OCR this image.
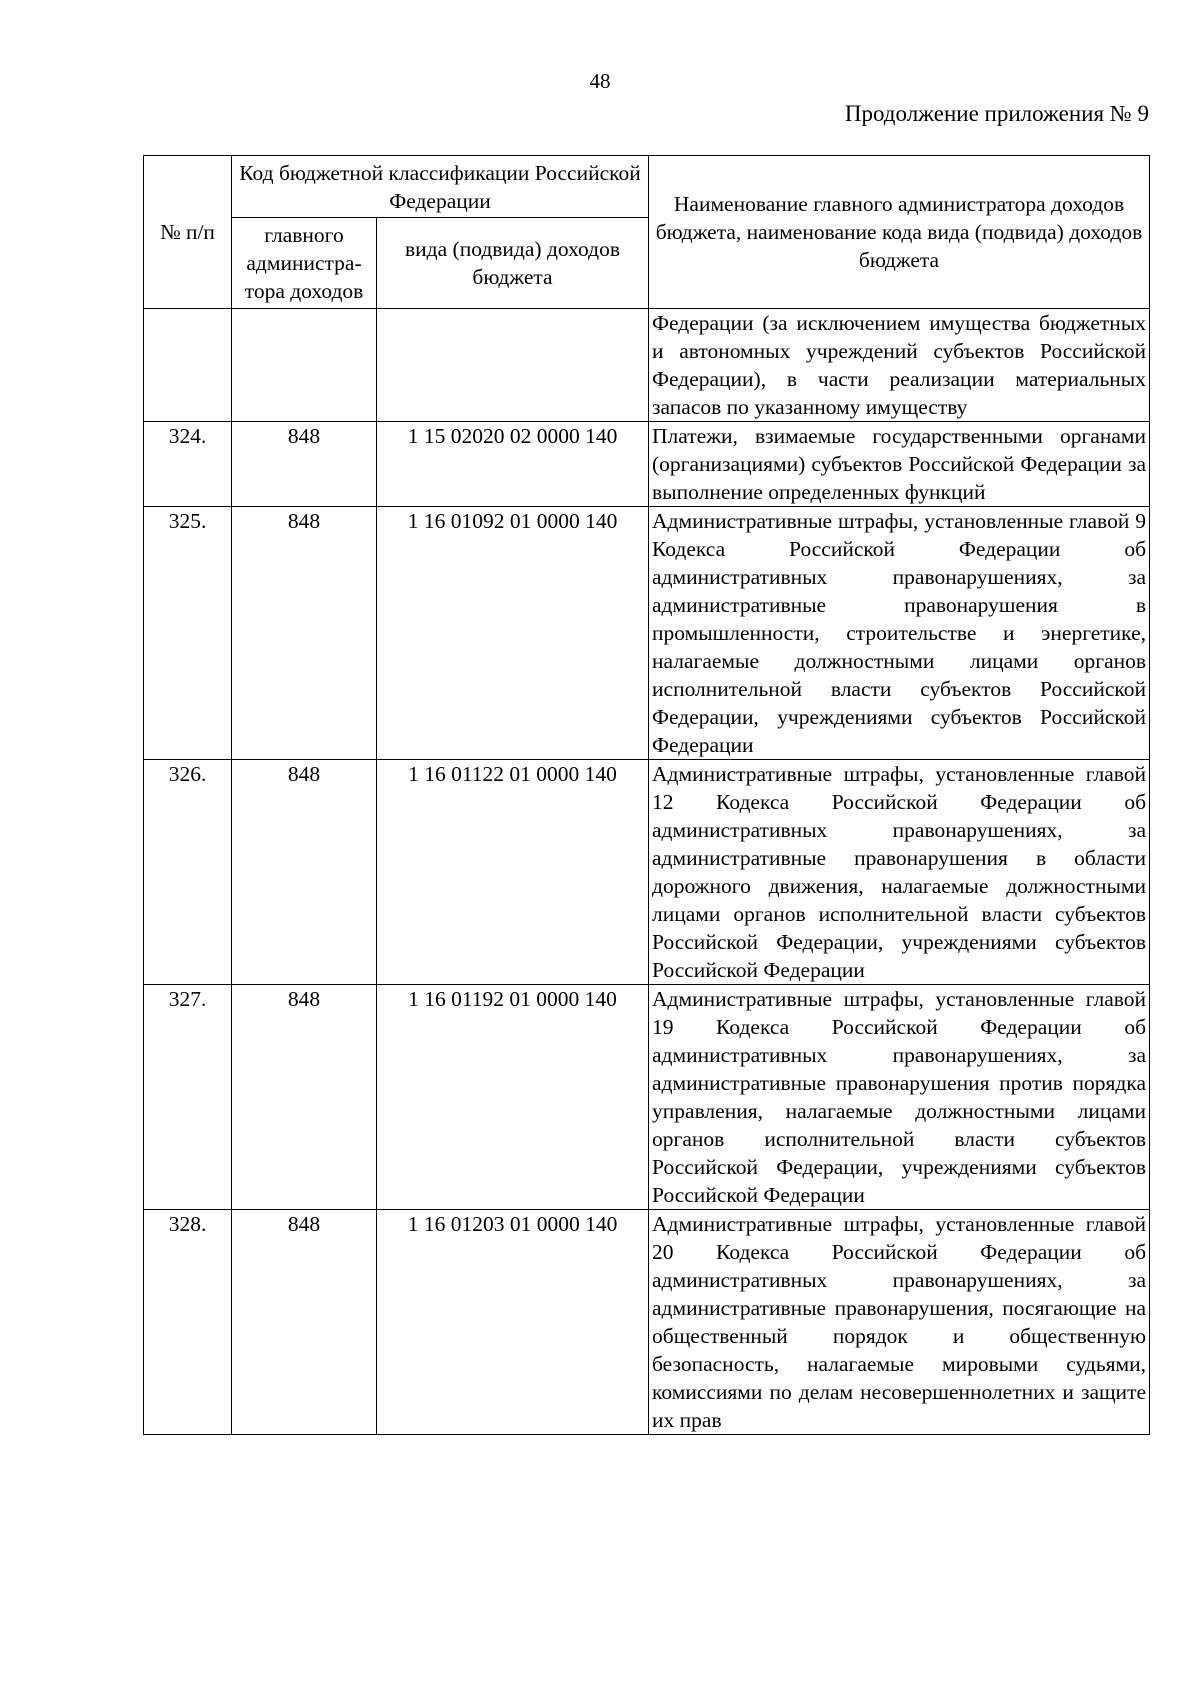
48
Продолжение приложения № 9
№ п/п	Код бюджетной классификации Российской Федерации		Наименование главного администратора доходов бюджета, наименование кода вида (подвида) доходов бюджета
	главного администра-тора доходов	вида (подвида) доходов бюджета	
			Федерации (за исключением имущества бюджетных и автономных учреждений субъектов Российской Федерации), в части реализации материальных запасов по указанному имуществу
324.	848	1 15 02020 02 0000 140	Платежи, взимаемые государственными органами (организациями) субъектов Российской Федерации за выполнение определенных функций
325.	848	1 16 01092 01 0000 140	Административные штрафы, установленные главой 9 Кодекса Российской Федерации об административных правонарушениях, за административные правонарушения в промышленности, строительстве и энергетике, налагаемые должностными лицами органов исполнительной власти субъектов Российской Федерации, учреждениями субъектов Российской Федерации
326.	848	1 16 01122 01 0000 140	Административные штрафы, установленные главой 12 Кодекса Российской Федерации об административных правонарушениях, за административные правонарушения в области дорожного движения, налагаемые должностными лицами органов исполнительной власти субъектов Российской Федерации, учреждениями субъектов Российской Федерации
327.	848	1 16 01192 01 0000 140	Административные штрафы, установленные главой 19 Кодекса Российской Федерации об административных правонарушениях, за административные правонарушения против порядка управления, налагаемые должностными лицами органов исполнительной власти субъектов Российской Федерации, учреждениями субъектов Российской Федерации
328.	848	1 16 01203 01 0000 140	Административные штрафы, установленные главой 20 Кодекса Российской Федерации об административных правонарушениях, за административные правонарушения, посягающие на общественный порядок и общественную безопасность, налагаемые мировыми судьями, комиссиями по делам несовершеннолетних и защите их прав
